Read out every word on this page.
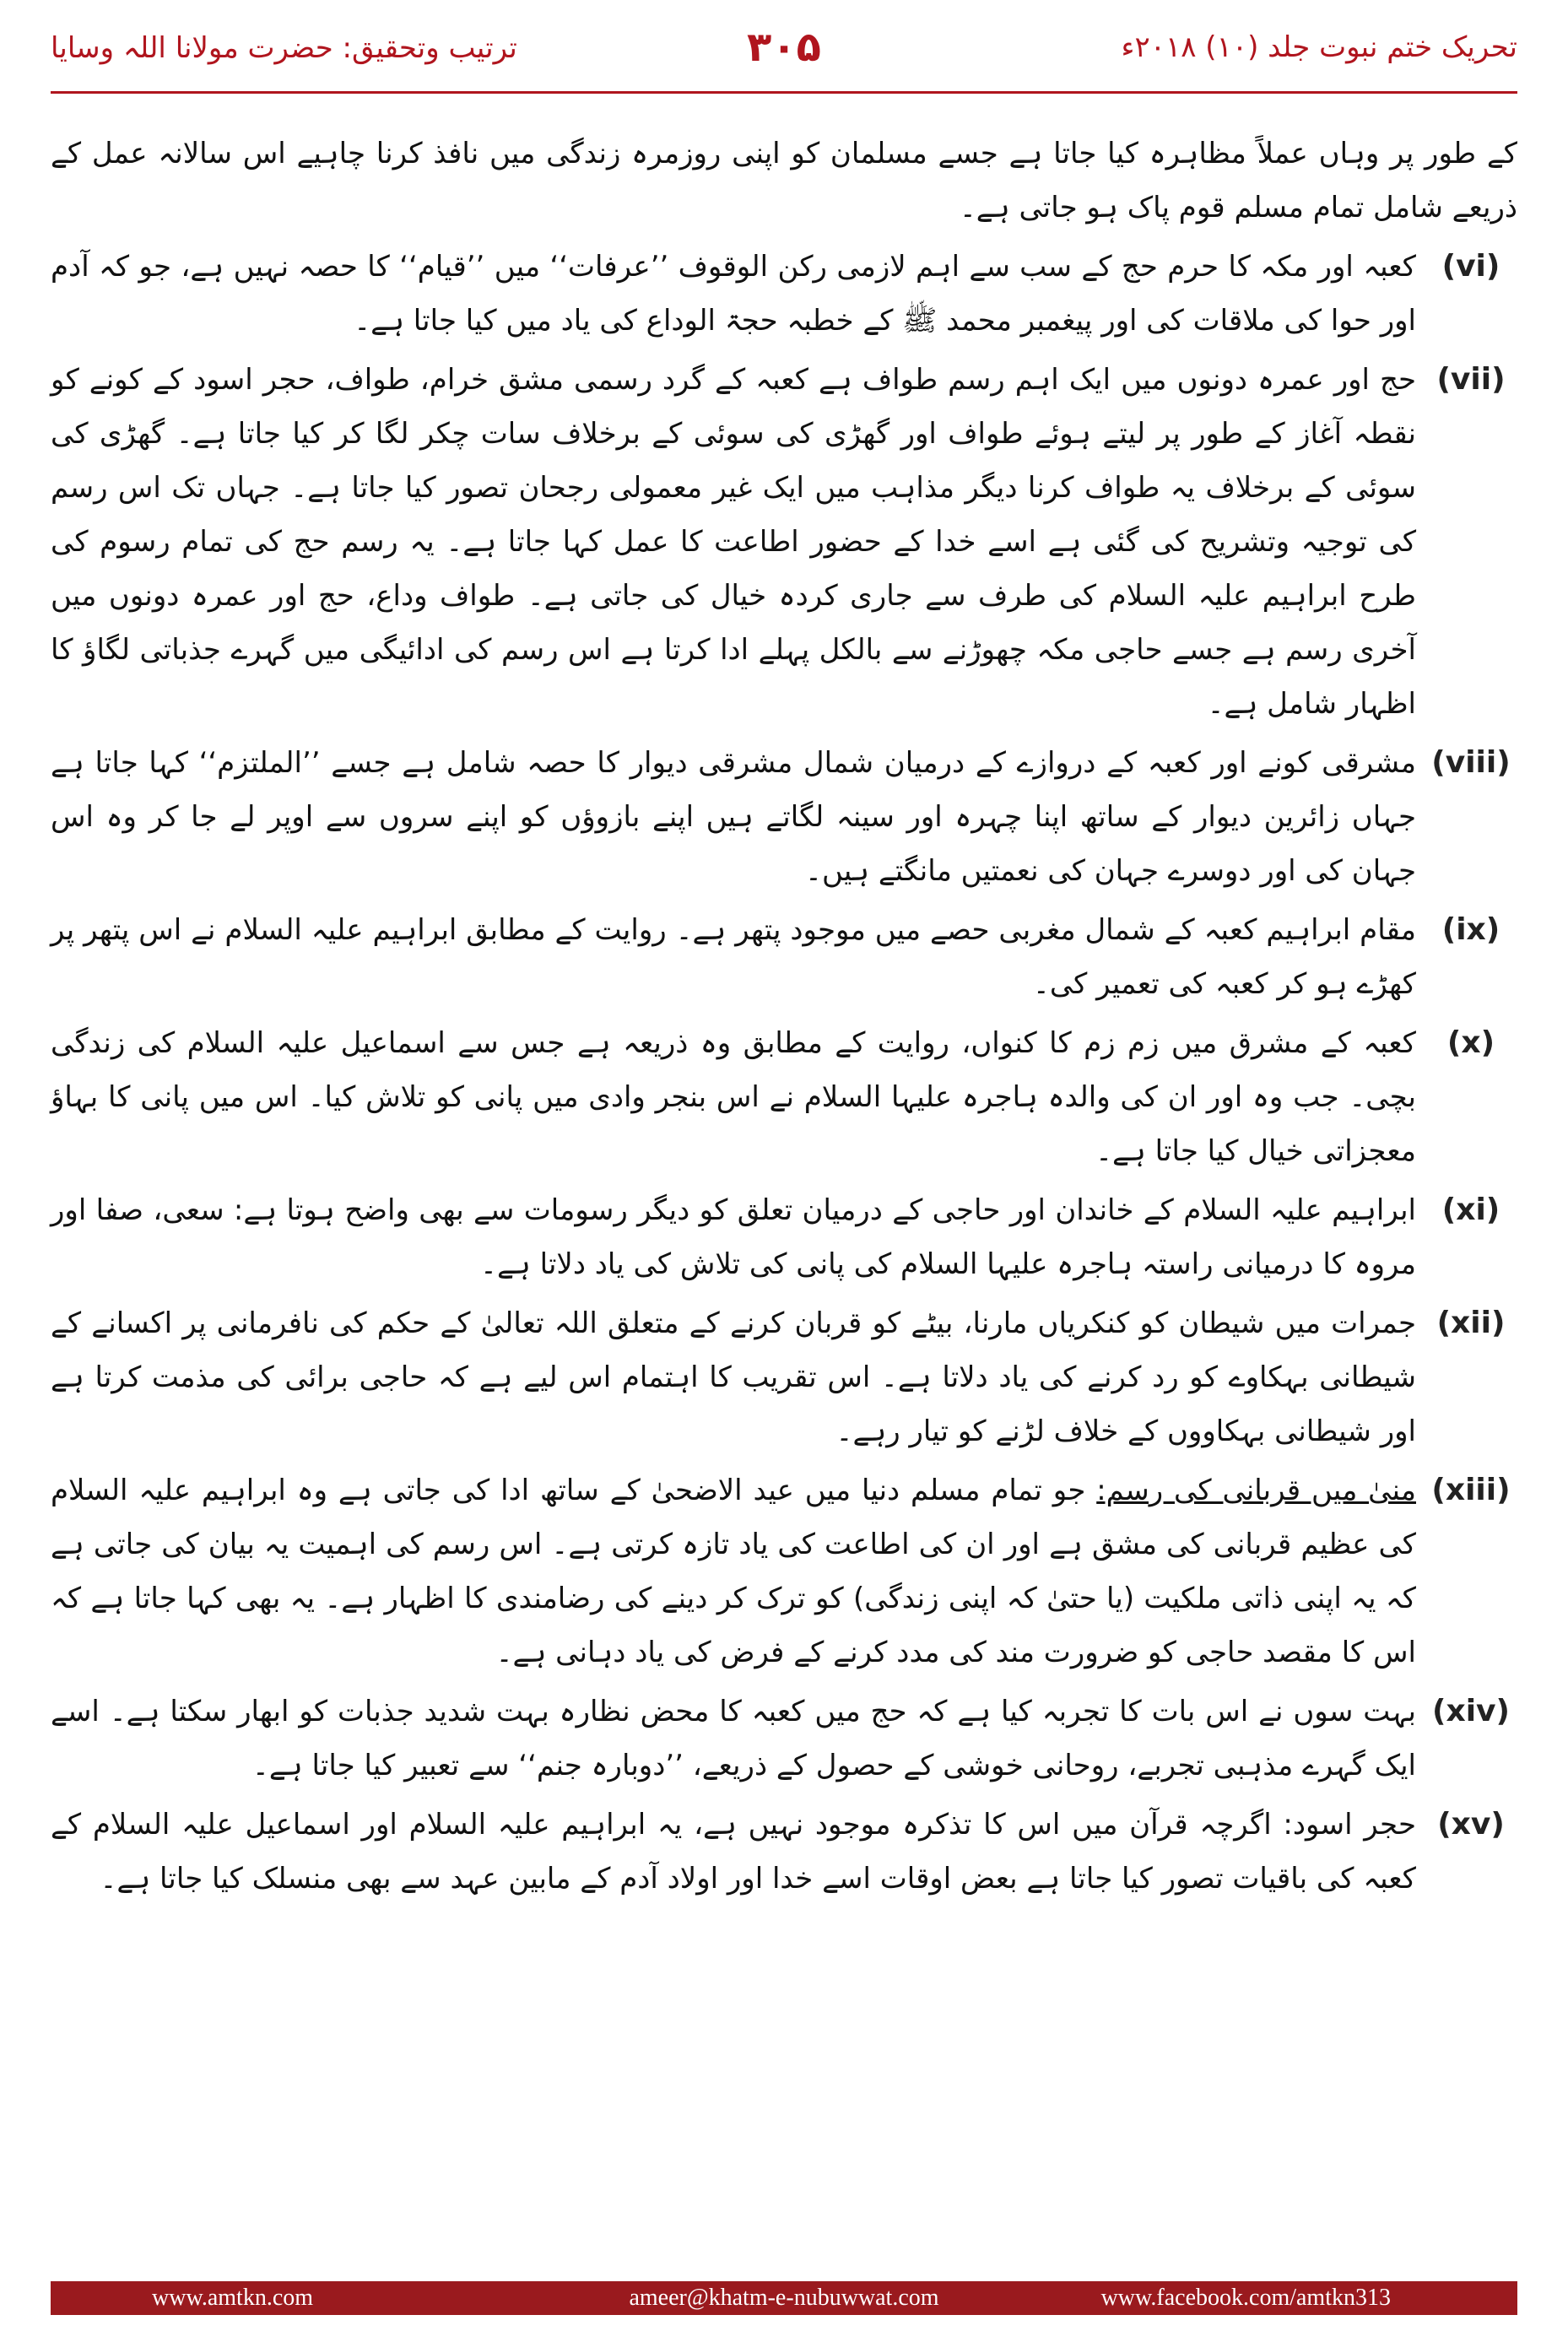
تحریک ختم نبوت جلد (۱۰) ۲۰۱۸ء
۳۰۵
ترتیب وتحقیق: حضرت مولانا اللہ وسایا

کے طور پر وہاں عملاً مظاہرہ کیا جاتا ہے جسے مسلمان کو اپنی روزمرہ زندگی میں نافذ کرنا چاہیے اس سالانہ عمل کے ذریعے شامل تمام مسلم قوم پاک ہو جاتی ہے۔

(vi)
کعبہ اور مکہ کا حرم حج کے سب سے اہم لازمی رکن الوقوف ’’عرفات‘‘ میں ’’قیام‘‘ کا حصہ نہیں ہے، جو کہ آدم اور حوا کی ملاقات کی اور پیغمبر محمد ﷺ کے خطبہ حجۃ الوداع کی یاد میں کیا جاتا ہے۔
(vii)
حج اور عمرہ دونوں میں ایک اہم رسم طواف ہے کعبہ کے گرد رسمی مشق خرام، طواف، حجر اسود کے کونے کو نقطہ آغاز کے طور پر لیتے ہوئے طواف اور گھڑی کی سوئی کے برخلاف سات چکر لگا کر کیا جاتا ہے۔ گھڑی کی سوئی کے برخلاف یہ طواف کرنا دیگر مذاہب میں ایک غیر معمولی رجحان تصور کیا جاتا ہے۔ جہاں تک اس رسم کی توجیہ وتشریح کی گئی ہے اسے خدا کے حضور اطاعت کا عمل کہا جاتا ہے۔ یہ رسم حج کی تمام رسوم کی طرح ابراہیم علیہ السلام کی طرف سے جاری کردہ خیال کی جاتی ہے۔ طواف وداع، حج اور عمرہ دونوں میں آخری رسم ہے جسے حاجی مکہ چھوڑنے سے بالکل پہلے ادا کرتا ہے اس رسم کی ادائیگی میں گہرے جذباتی لگاؤ کا اظہار شامل ہے۔
(viii)
مشرقی کونے اور کعبہ کے دروازے کے درمیان شمال مشرقی دیوار کا حصہ شامل ہے جسے ’’الملتزم‘‘ کہا جاتا ہے جہاں زائرین دیوار کے ساتھ اپنا چہرہ اور سینہ لگاتے ہیں اپنے بازوؤں کو اپنے سروں سے اوپر لے جا کر وہ اس جہان کی اور دوسرے جہان کی نعمتیں مانگتے ہیں۔
(ix)
مقام ابراہیم کعبہ کے شمال مغربی حصے میں موجود پتھر ہے۔ روایت کے مطابق ابراہیم علیہ السلام نے اس پتھر پر کھڑے ہو کر کعبہ کی تعمیر کی۔
(x)
کعبہ کے مشرق میں زم زم کا کنواں، روایت کے مطابق وہ ذریعہ ہے جس سے اسماعیل علیہ السلام کی زندگی بچی۔ جب وہ اور ان کی والدہ ہاجرہ علیہا السلام نے اس بنجر وادی میں پانی کو تلاش کیا۔ اس میں پانی کا بہاؤ معجزاتی خیال کیا جاتا ہے۔
(xi)
ابراہیم علیہ السلام کے خاندان اور حاجی کے درمیان تعلق کو دیگر رسومات سے بھی واضح ہوتا ہے: سعی، صفا اور مروہ کا درمیانی راستہ ہاجرہ علیہا السلام کی پانی کی تلاش کی یاد دلاتا ہے۔
(xii)
جمرات میں شیطان کو کنکریاں مارنا، بیٹے کو قربان کرنے کے متعلق اللہ تعالیٰ کے حکم کی نافرمانی پر اکسانے کے شیطانی بہکاوے کو رد کرنے کی یاد دلاتا ہے۔ اس تقریب کا اہتمام اس لیے ہے کہ حاجی برائی کی مذمت کرتا ہے اور شیطانی بہکاووں کے خلاف لڑنے کو تیار رہے۔
(xiii)
منیٰ میں قربانی کی رسم: جو تمام مسلم دنیا میں عید الاضحیٰ کے ساتھ ادا کی جاتی ہے وہ ابراہیم علیہ السلام کی عظیم قربانی کی مشق ہے اور ان کی اطاعت کی یاد تازہ کرتی ہے۔ اس رسم کی اہمیت یہ بیان کی جاتی ہے کہ یہ اپنی ذاتی ملکیت (یا حتیٰ کہ اپنی زندگی) کو ترک کر دینے کی رضامندی کا اظہار ہے۔ یہ بھی کہا جاتا ہے کہ اس کا مقصد حاجی کو ضرورت مند کی مدد کرنے کے فرض کی یاد دہانی ہے۔
(xiv)
بہت سوں نے اس بات کا تجربہ کیا ہے کہ حج میں کعبہ کا محض نظارہ بہت شدید جذبات کو ابھار سکتا ہے۔ اسے ایک گہرے مذہبی تجربے، روحانی خوشی کے حصول کے ذریعے، ’’دوبارہ جنم‘‘ سے تعبیر کیا جاتا ہے۔
(xv)
حجر اسود: اگرچہ قرآن میں اس کا تذکرہ موجود نہیں ہے، یہ ابراہیم علیہ السلام اور اسماعیل علیہ السلام کے کعبہ کی باقیات تصور کیا جاتا ہے بعض اوقات اسے خدا اور اولاد آدم کے مابین عہد سے بھی منسلک کیا جاتا ہے۔
www.amtkn.com	ameer@khatm-e-nubuwwat.com	www.facebook.com/amtkn313
